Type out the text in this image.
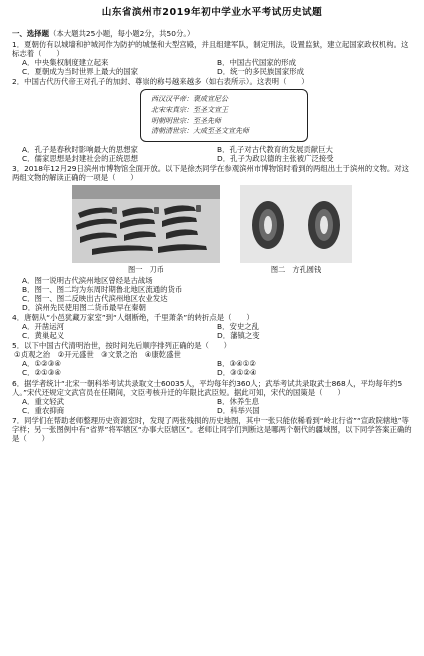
山东省滨州市2019年初中学业水平考试历史试题
一、选择题（本大题共25小题，每小题2分，共50分。）
1．夏朝仿有以城墙和护城河作为防护的城堡和大型宫殿，并且组建军队，制定刑法，设置监狱，建立起国家政权机构。这标志着（　　）
A．中央集权制度建立起来	B．中国古代国家的形成
C．夏朝成为当时世界上最大的国家	D．统一的多民族国家形成
2．中国古代历代帝王对孔子的加封、尊崇的称号越来越多（如右表所示）。这表明（　　）
西汉汉平帝：褒成宣尼公
北宋宋真宗：至圣文宣王
明朝明世宗：至圣先师
清朝清世宗：大成至圣文宣先师
A．孔子是春秋时影响最大的思想家	B．孔子对古代教育的发展贡献巨大
C．儒家思想是封建社会的正统思想	D．孔子为政以德的主张被广泛接受
3．2018年12月29日滨州市博物馆全面开放。以下是徐杰同学在参观滨州市博物馆时看到的两组出土于滨州的文物。对这两组文物的解读正确的一项是（　　）
图一　刀币	图二　方孔圆钱
A．图一说明古代滨州地区曾经是古战场
B．图一、图二均为东周时期鲁北地区流通的货币
C．图一、图二反映出古代滨州地区农业发达
D．滨州先民使用图二货币最早在秦朝
4．唐朝从“小邑犹藏万家室”到“人烟断绝，千里萧条”的转折点是（　　）
A．开凿运河	B．安史之乱
C．黄巢起义	D．藩镇之变
5．以下中国古代清明治世，按时间先后顺序排列正确的是（　　）
①贞观之治　②开元盛世　③文景之治　④康乾盛世
A．①②③④	B．③④①②
C．②①③④	D．③①②④
6．据学者统计“北宋一朝科举考试共录取文士60035人，平均每年约360人；武举考试共录取武士868人，平均每年约5人。”宋代还规定文武官员在任期间，文臣考核升迁的年限比武臣短。据此可知，宋代的国策是（　　）
A．重文轻武	B．休养生息
C．重农抑商	D．科举兴国
7．同学们在帮助老师整理历史资源室时，发现了两张残损的历史地图，其中一张只能依稀看到“岭北行省”“宣政院辖地”等字样；另一张图例中有“省界”将军辖区“办事大臣辖区”。老师让同学们判断这是哪两个朝代的疆域图，以下同学答案正确的是（　　）
